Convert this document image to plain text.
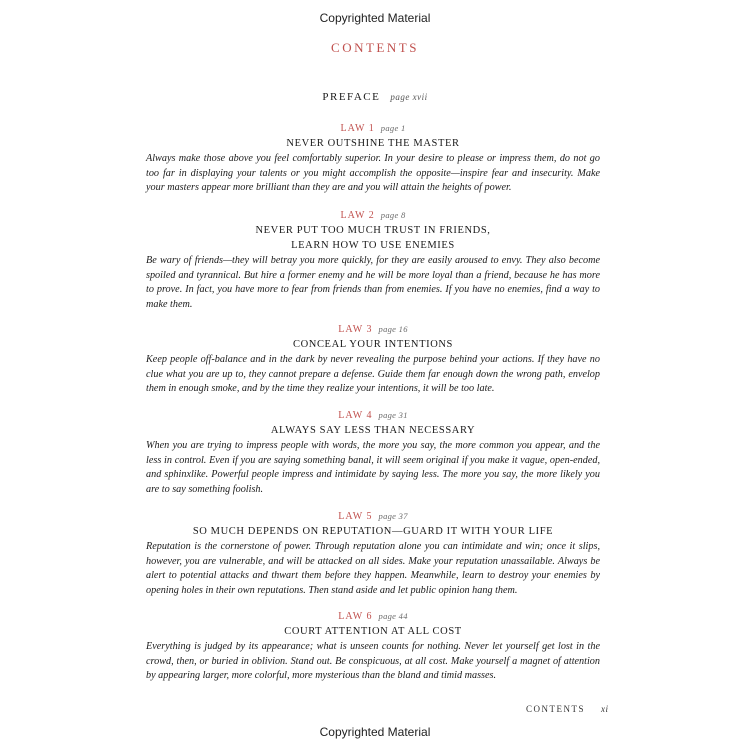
Copyrighted Material
CONTENTS
PREFACE page xvii
LAW 1 page 1
NEVER OUTSHINE THE MASTER
Always make those above you feel comfortably superior. In your desire to please or impress them, do not go too far in displaying your talents or you might accomplish the opposite—inspire fear and insecurity. Make your masters appear more brilliant than they are and you will attain the heights of power.
LAW 2 page 8
NEVER PUT TOO MUCH TRUST IN FRIENDS,
LEARN HOW TO USE ENEMIES
Be wary of friends—they will betray you more quickly, for they are easily aroused to envy. They also become spoiled and tyrannical. But hire a former enemy and he will be more loyal than a friend, because he has more to prove. In fact, you have more to fear from friends than from enemies. If you have no enemies, find a way to make them.
LAW 3 page 16
CONCEAL YOUR INTENTIONS
Keep people off-balance and in the dark by never revealing the purpose behind your actions. If they have no clue what you are up to, they cannot prepare a defense. Guide them far enough down the wrong path, envelop them in enough smoke, and by the time they realize your intentions, it will be too late.
LAW 4 page 31
ALWAYS SAY LESS THAN NECESSARY
When you are trying to impress people with words, the more you say, the more common you appear, and the less in control. Even if you are saying something banal, it will seem original if you make it vague, open-ended, and sphinxlike. Powerful people impress and intimidate by saying less. The more you say, the more likely you are to say something foolish.
LAW 5 page 37
SO MUCH DEPENDS ON REPUTATION—GUARD IT WITH YOUR LIFE
Reputation is the cornerstone of power. Through reputation alone you can intimidate and win; once it slips, however, you are vulnerable, and will be attacked on all sides. Make your reputation unassailable. Always be alert to potential attacks and thwart them before they happen. Meanwhile, learn to destroy your enemies by opening holes in their own reputations. Then stand aside and let public opinion hang them.
LAW 6 page 44
COURT ATTENTION AT ALL COST
Everything is judged by its appearance; what is unseen counts for nothing. Never let yourself get lost in the crowd, then, or buried in oblivion. Stand out. Be conspicuous, at all cost. Make yourself a magnet of attention by appearing larger, more colorful, more mysterious than the bland and timid masses.
CONTENTS xi
Copyrighted Material
